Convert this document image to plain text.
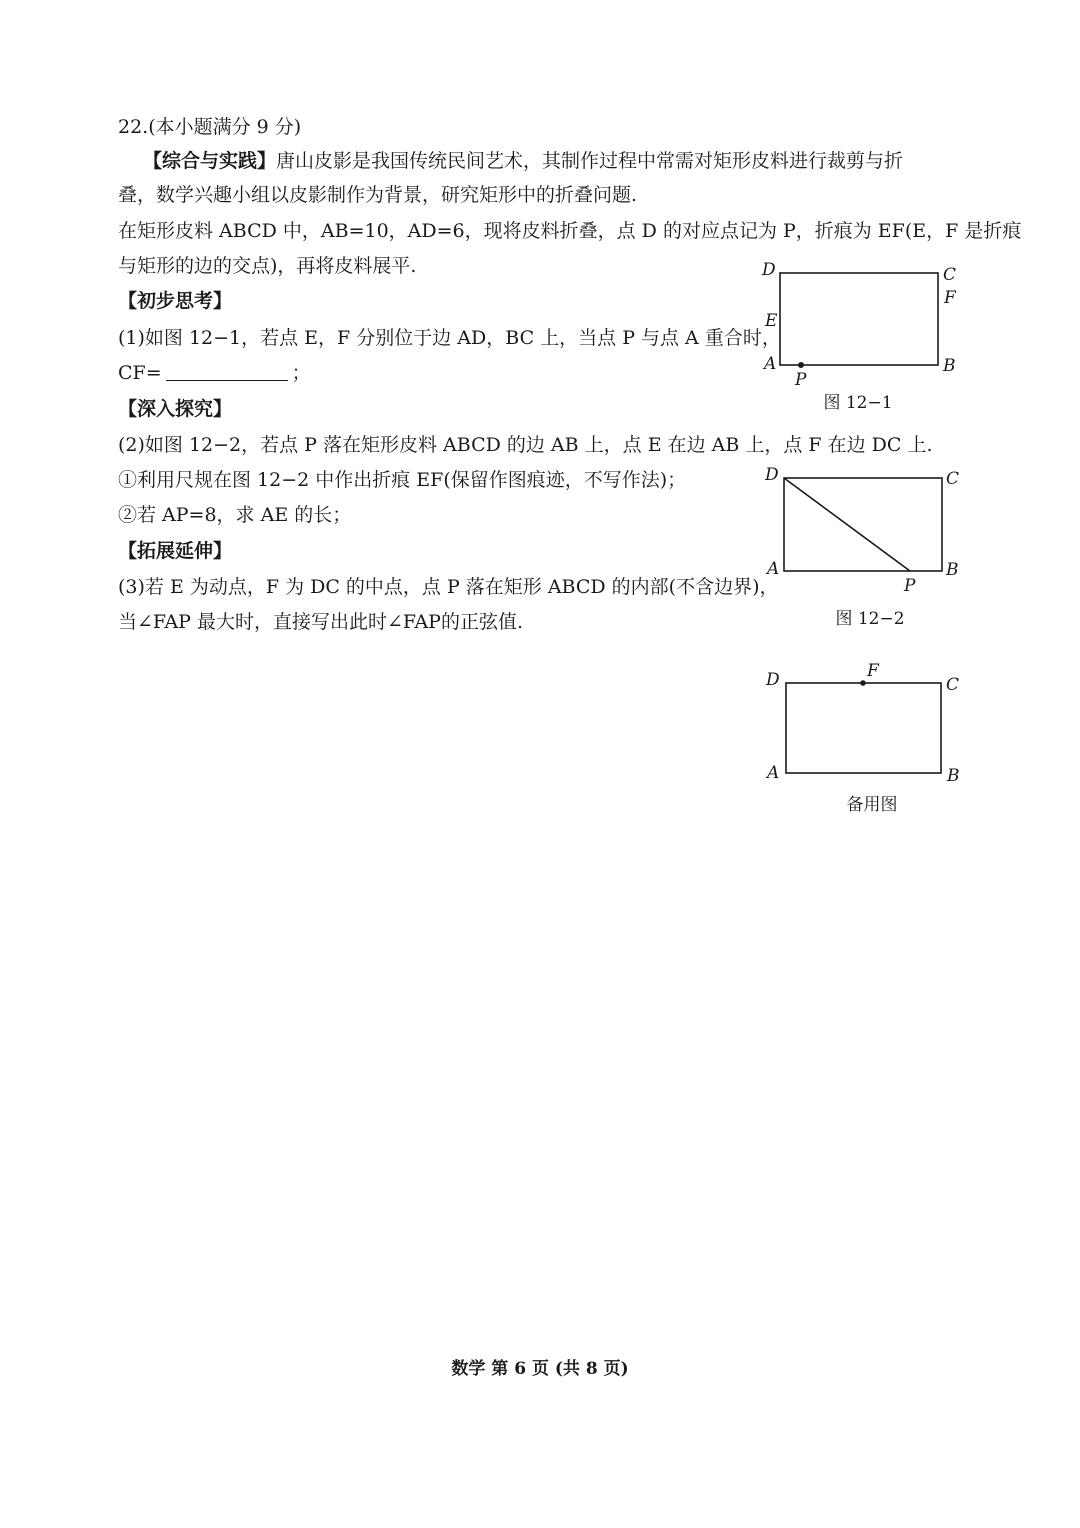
22.(本小题满分 9 分)
【综合与实践】唐山皮影是我国传统民间艺术，其制作过程中常需对矩形皮料进行裁剪与折
叠，数学兴趣小组以皮影制作为背景，研究矩形中的折叠问题.
在矩形皮料 ABCD 中，AB=10，AD=6，现将皮料折叠，点 D 的对应点记为 P，折痕为 EF(E，F 是折痕
与矩形的边的交点)，再将皮料展平.
【初步思考】
(1)如图 12−1，若点 E，F 分别位于边 AD，BC 上，当点 P 与点 A 重合时，
CF=	；
【深入探究】
(2)如图 12−2，若点 P 落在矩形皮料 ABCD 的边 AB 上，点 E 在边 AB 上，点 F 在边 DC 上.
①利用尺规在图 12−2 中作出折痕 EF(保留作图痕迹，不写作法)；
②若 AP=8，求 AE 的长；
【拓展延伸】
(3)若 E 为动点，F 为 DC 的中点，点 P 落在矩形 ABCD 的内部(不含边界)，
当∠FAP 最大时，直接写出此时∠FAP的正弦值.
D	C
F
E
A	B
P
图 12−1
D	C
A	B
P
图 12−2
D	F
C
A	B
备用图
数学 第 6 页 (共 8 页)
